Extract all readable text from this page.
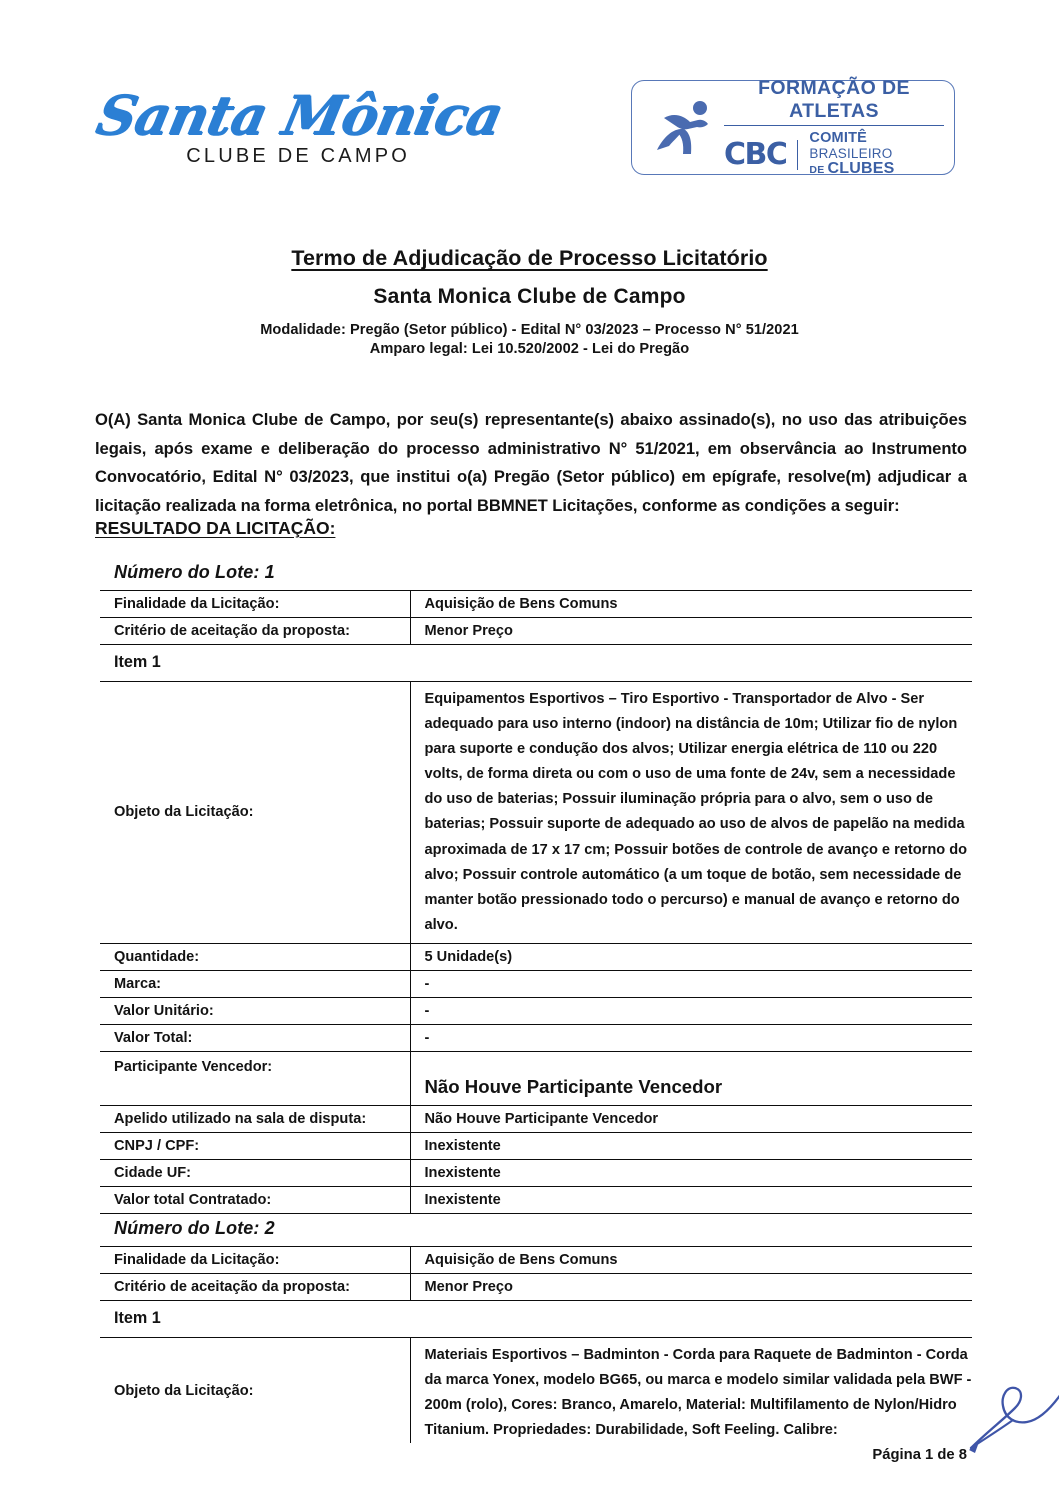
Santa Mônica
CLUBE DE CAMPO
FORMAÇÃO DE ATLETAS
CBC	COMITÊ BRASILEIRO
DE CLUBES
Termo de Adjudicação de Processo Licitatório
Santa Monica Clube de Campo
Modalidade: Pregão (Setor público) - Edital N° 03/2023 – Processo N° 51/2021
Amparo legal: Lei 10.520/2002 - Lei do Pregão
O(A) Santa Monica Clube de Campo, por seu(s) representante(s) abaixo assinado(s), no uso das atribuições legais, após exame e deliberação do processo administrativo N° 51/2021, em observância ao Instrumento Convocatório, Edital N° 03/2023, que institui o(a) Pregão (Setor público) em epígrafe, resolve(m) adjudicar a licitação realizada na forma eletrônica, no portal BBMNET Licitações, conforme as condições a seguir:
RESULTADO DA LICITAÇÃO:
Número do Lote: 1
Finalidade da Licitação:	Aquisição de Bens Comuns
Critério de aceitação da proposta:	Menor Preço
Item 1	
Objeto da Licitação:	Equipamentos Esportivos – Tiro Esportivo - Transportador de Alvo - Ser adequado para uso interno (indoor) na distância de 10m; Utilizar fio de nylon para suporte e condução dos alvos; Utilizar energia elétrica de 110 ou 220 volts, de forma direta ou com o uso de uma fonte de 24v, sem a necessidade do uso de baterias; Possuir iluminação própria para o alvo, sem o uso de baterias; Possuir suporte de adequado ao uso de alvos de papelão na medida aproximada de 17 x 17 cm; Possuir botões de controle de avanço e retorno do alvo; Possuir controle automático (a um toque de botão, sem necessidade de manter botão pressionado todo o percurso) e manual de avanço e retorno do alvo.
Quantidade:	5 Unidade(s)
Marca:	-
Valor Unitário:	-
Valor Total:	-
Participante Vencedor:	Não Houve Participante Vencedor
Apelido utilizado na sala de disputa:	Não Houve Participante Vencedor
CNPJ / CPF:	Inexistente
Cidade UF:	Inexistente
Valor total Contratado:	Inexistente
Número do Lote: 2
Finalidade da Licitação:	Aquisição de Bens Comuns
Critério de aceitação da proposta:	Menor Preço
Item 1	
Objeto da Licitação:	Materiais Esportivos – Badminton - Corda para Raquete de Badminton - Corda da marca Yonex, modelo BG65, ou marca e modelo similar validada pela BWF - 200m (rolo), Cores: Branco, Amarelo, Material: Multifilamento de Nylon/Hidro Titanium. Propriedades: Durabilidade, Soft Feeling. Calibre:
Página 1 de 8
